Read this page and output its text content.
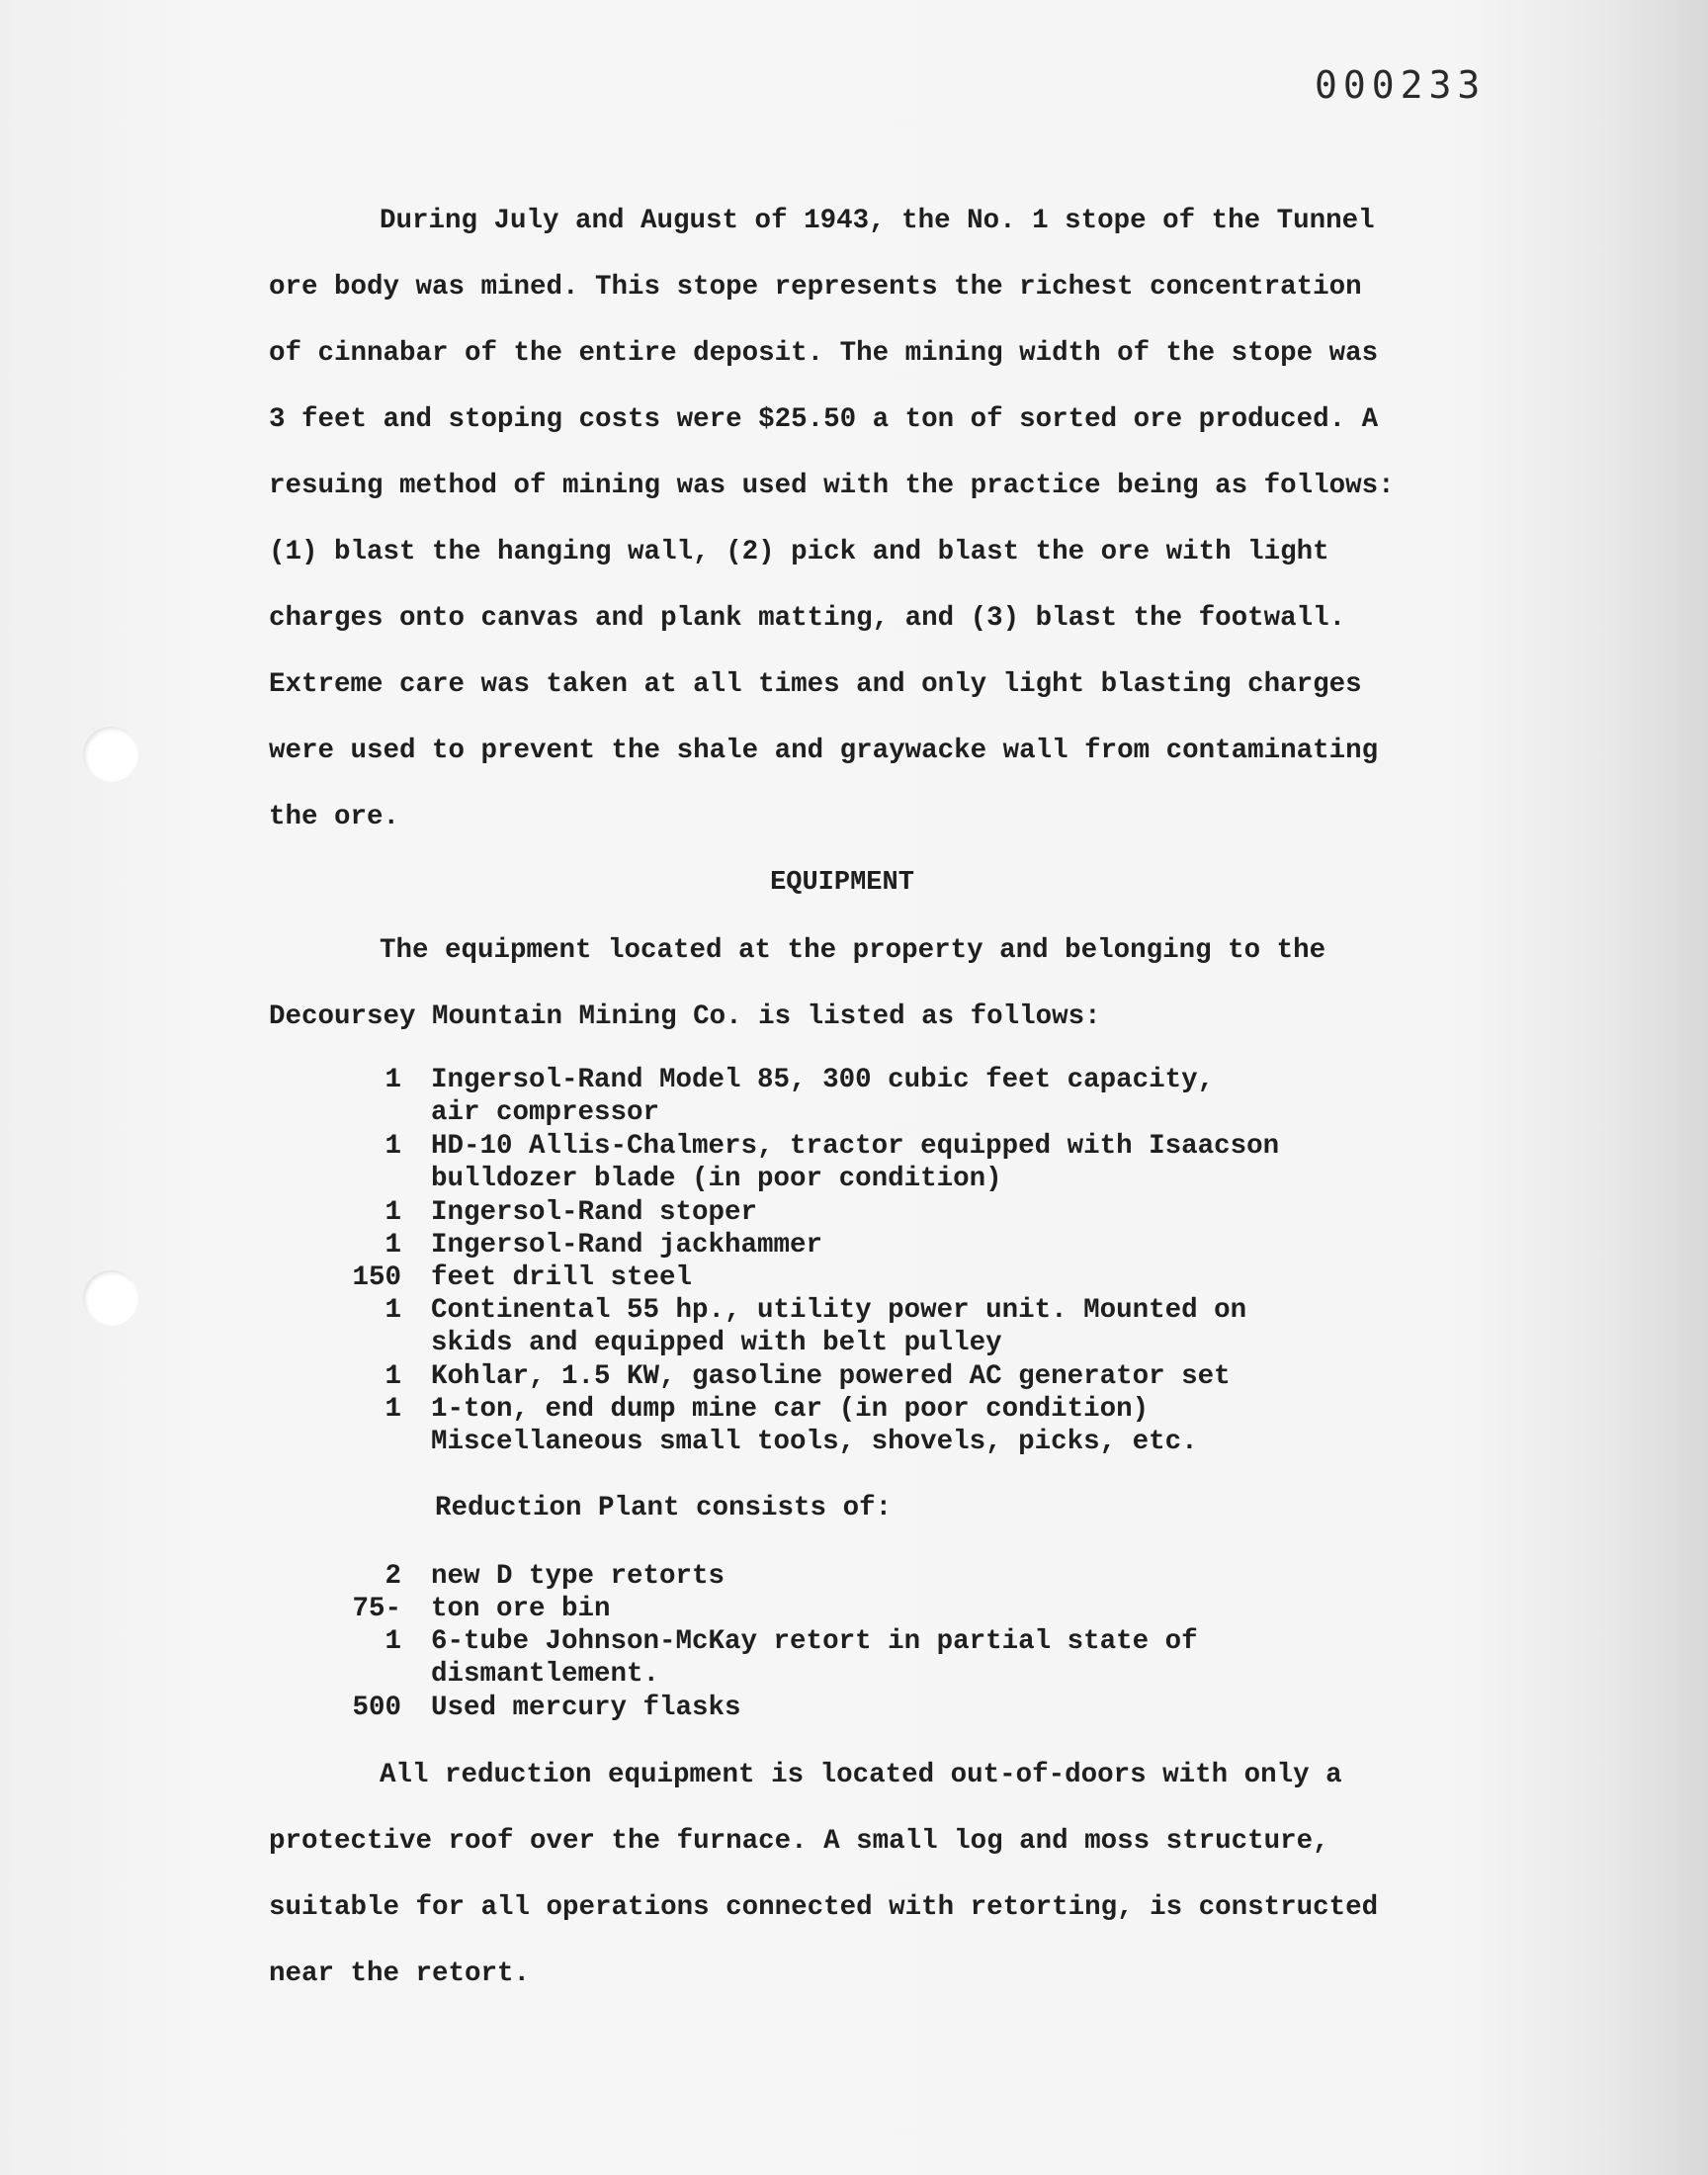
000233

During July and August of 1943, the No. 1 stope of the Tunnel
ore body was mined. This stope represents the richest concentration
of cinnabar of the entire deposit. The mining width of the stope was
3 feet and stoping costs were $25.50 a ton of sorted ore produced. A
resuing method of mining was used with the practice being as follows:
(1) blast the hanging wall, (2) pick and blast the ore with light
charges onto canvas and plank matting, and (3) blast the footwall.
Extreme care was taken at all times and only light blasting charges
were used to prevent the shale and graywacke wall from contaminating
the ore.

EQUIPMENT

The equipment located at the property and belonging to the
Decoursey Mountain Mining Co. is listed as follows:

1	Ingersol-Rand Model 85, 300 cubic feet capacity,
air compressor
1	HD-10 Allis-Chalmers, tractor equipped with Isaacson
bulldozer blade (in poor condition)
1	Ingersol-Rand stoper
1	Ingersol-Rand jackhammer
150	feet drill steel
1	Continental 55 hp., utility power unit. Mounted on
skids and equipped with belt pulley
1	Kohlar, 1.5 KW, gasoline powered AC generator set
1	1-ton, end dump mine car (in poor condition)
Miscellaneous small tools, shovels, picks, etc.
Reduction Plant consists of:
2	new D type retorts
75-	ton ore bin
1	6-tube Johnson-McKay retort in partial state of
dismantlement.
500	Used mercury flasks

All reduction equipment is located out-of-doors with only a
protective roof over the furnace. A small log and moss structure,
suitable for all operations connected with retorting, is constructed
near the retort.
